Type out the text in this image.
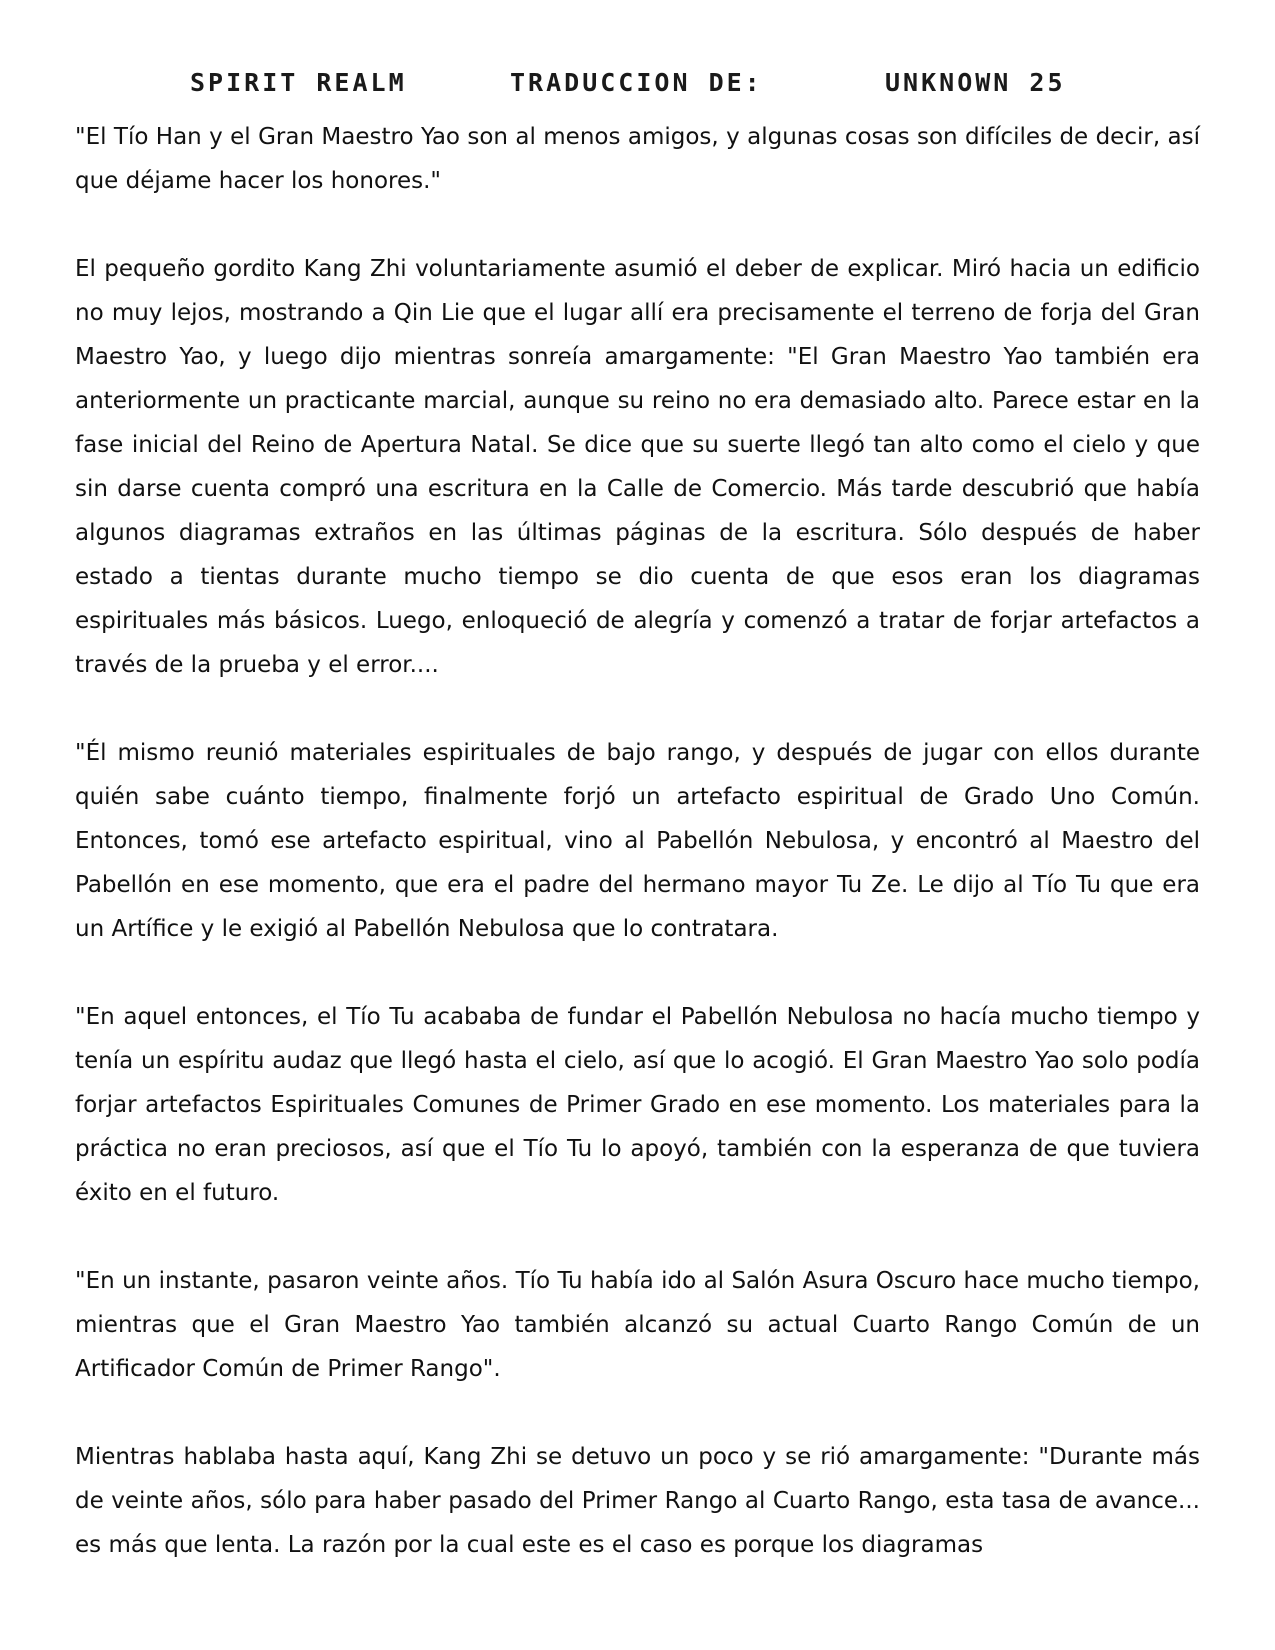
SPIRIT REALM	TRADUCCION DE:	UNKNOWN 25

"El Tío Han y el Gran Maestro Yao son al menos amigos, y algunas cosas son difíciles de decir, así que déjame hacer los honores."

El pequeño gordito Kang Zhi voluntariamente asumió el deber de explicar. Miró hacia un edificio no muy lejos, mostrando a Qin Lie que el lugar allí era precisamente el terreno de forja del Gran Maestro Yao, y luego dijo mientras sonreía amargamente: "El Gran Maestro Yao también era anteriormente un practicante marcial, aunque su reino no era demasiado alto. Parece estar en la fase inicial del Reino de Apertura Natal. Se dice que su suerte llegó tan alto como el cielo y que sin darse cuenta compró una escritura en la Calle de Comercio. Más tarde descubrió que había algunos diagramas extraños en las últimas páginas de la escritura. Sólo después de haber estado a tientas durante mucho tiempo se dio cuenta de que esos eran los diagramas espirituales más básicos. Luego, enloqueció de alegría y comenzó a tratar de forjar artefactos a través de la prueba y el error....

"Él mismo reunió materiales espirituales de bajo rango, y después de jugar con ellos durante quién sabe cuánto tiempo, finalmente forjó un artefacto espiritual de Grado Uno Común. Entonces, tomó ese artefacto espiritual, vino al Pabellón Nebulosa, y encontró al Maestro del Pabellón en ese momento, que era el padre del hermano mayor Tu Ze. Le dijo al Tío Tu que era un Artífice y le exigió al Pabellón Nebulosa que lo contratara.

"En aquel entonces, el Tío Tu acababa de fundar el Pabellón Nebulosa no hacía mucho tiempo y tenía un espíritu audaz que llegó hasta el cielo, así que lo acogió. El Gran Maestro Yao solo podía forjar artefactos Espirituales Comunes de Primer Grado en ese momento. Los materiales para la práctica no eran preciosos, así que el Tío Tu lo apoyó, también con la esperanza de que tuviera éxito en el futuro.

"En un instante, pasaron veinte años. Tío Tu había ido al Salón Asura Oscuro hace mucho tiempo, mientras que el Gran Maestro Yao también alcanzó su actual Cuarto Rango Común de un Artificador Común de Primer Rango".

Mientras hablaba hasta aquí, Kang Zhi se detuvo un poco y se rió amargamente: "Durante más de veinte años, sólo para haber pasado del Primer Rango al Cuarto Rango, esta tasa de avance... es más que lenta. La razón por la cual este es el caso es porque los diagramas
